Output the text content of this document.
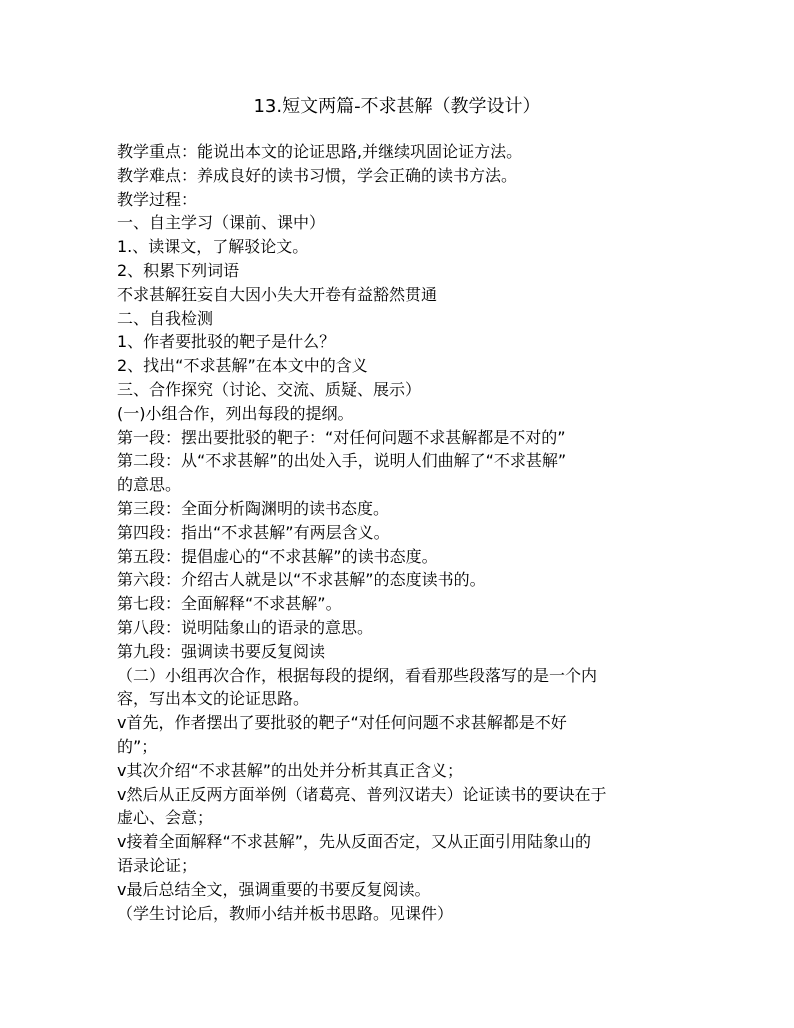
13.短文两篇-不求甚解（教学设计）

教学重点：能说出本文的论证思路,并继续巩固论证方法。

教学难点：养成良好的读书习惯，学会正确的读书方法。

教学过程：

一、自主学习（课前、课中）

1.、读课文，了解驳论文。

2、积累下列词语

不求甚解狂妄自大因小失大开卷有益豁然贯通

二、自我检测

1、作者要批驳的靶子是什么？

2、找出“不求甚解”在本文中的含义

三、合作探究（讨论、交流、质疑、展示）

(一)小组合作，列出每段的提纲。

第一段：摆出要批驳的靶子：“对任何问题不求甚解都是不对的”

第二段：从“不求甚解”的出处入手，说明人们曲解了“不求甚解”

的意思。

第三段：全面分析陶渊明的读书态度。

第四段：指出“不求甚解”有两层含义。

第五段：提倡虚心的“不求甚解”的读书态度。

第六段：介绍古人就是以“不求甚解”的态度读书的。

第七段：全面解释“不求甚解”。

第八段：说明陆象山的语录的意思。

第九段：强调读书要反复阅读

（二）小组再次合作，根据每段的提纲，看看那些段落写的是一个内

容，写出本文的论证思路。

v首先，作者摆出了要批驳的靶子“对任何问题不求甚解都是不好

的”；

v其次介绍“不求甚解”的出处并分析其真正含义；

v然后从正反两方面举例（诸葛亮、普列汉诺夫）论证读书的要诀在于

虚心、会意；

v接着全面解释“不求甚解”，先从反面否定，又从正面引用陆象山的

语录论证；

v最后总结全文，强调重要的书要反复阅读。

（学生讨论后，教师小结并板书思路。见课件）
